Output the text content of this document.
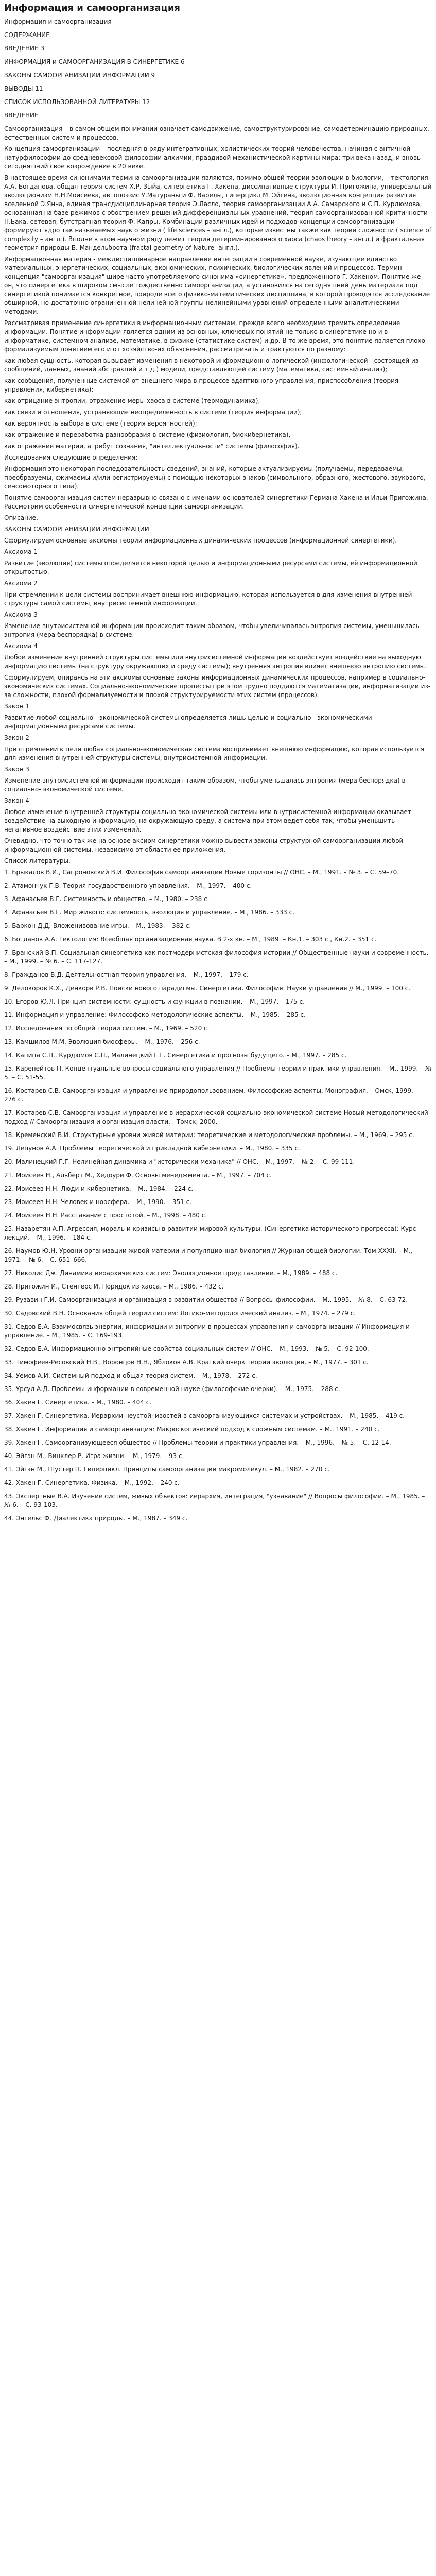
Информация и самоорганизация

Информация и самоорганизация

СОДЕРЖАНИЕ

ВВЕДЕНИЕ 3

ИНФОРМАЦИЯ и САМООРГАНИЗАЦИЯ В СИНЕРГЕТИКЕ 6

ЗАКОНЫ САМООРГАНИЗАЦИИ ИНФОРМАЦИИ 9

ВЫВОДЫ 11

СПИСОК ИСПОЛЬЗОВАННОЙ ЛИТЕРАТУРЫ 12

ВВЕДЕНИЕ

Самоорганизация – в самом общем понимании означает самодвижение, самоструктурирование, самодетерминацию природных, естественных систем и процессов.

Концепция самоорганизации – последняя в ряду интегративных, холистических теорий человечества, начиная с античной натурфилософии до средневековой философии алхимии, правдивой механистической картины мира: три века назад, и вновь сегодняшний свое возрождение в 20 веке.

В настоящее время синонимами термина самоорганизации являются, помимо общей теории эволюции в биологии, – тектология А.А. Богданова, общая теория систем Х.Р. Зыйа, синергетика Г. Хакена, диссипативные структуры И. Пригожина, универсальный эволюционизм Н.Н.Моисеева, автопоэзис У.Матураны и Ф. Варелы, гиперцикл М. Эйгена, эволюционная концепция развития вселенной Э.Янча, единая трансдисциплинарная теория Э.Ласло, теория самоорганизации А.А. Самарского и С.П. Курдюмова, основанная на базе режимов с обострением решений дифференциальных уравнений, теория самоорганизованной критичности П.Бака, сетевая, бутстрапная теория Ф. Капры. Комбинации различных идей и подходов концепции самоорганизации формируют ядро так называемых наук о жизни ( life sciences – англ.), которые известны также как теории сложности ( science of complexity – англ.). Вполне в этом научном ряду лежит теория детерминированного хаоса (chaos theory – англ.) и фрактальная геометрия природы Б. Мандельброта (fractal geometry of Nature- англ.).

Информационная материя - междисциплинарное направление интеграции в современной науке, изучающее единство материальных, энергетических, социальных, экономических, психических, биологических явлений и процессов. Термин концепция "самоорганизация" шире часто употребляемого синонима «синергетика», предложенного Г. Хакеном. Понятие же он, что синергетика в широком смысле тождественно самоорганизации, а установился на сегодняшний день материала под синергетикой понимается конкретное, природе всего физико-математических дисциплина, в которой проводятся исследование обширной, но достаточно ограниченной нелинейной группы нелинейными уравнений определенными аналитическими методами.

Рассматривая применение синергетики в информационным системам, прежде всего необходимо тремить определение информации. Понятие информации является одним из основных, ключевых понятий не только в синергетике но и в информатике, системном анализе, математике, в физике (статистике систем) и др. В то же время, это понятие является плохо формализуемым понятием его и от хозяйство-их объяснения, рассматривать и трактуются по разному:

как любая сущность, которая вызывает изменения в некоторой информационно-логической (инфологической - состоящей из сообщений, данных, знаний абстракций и т.д.) модели, представляющей систему (математика, системный анализ);

как сообщения, полученные системой от внешнего мира в процессе адаптивного управления, приспособления (теория управления, кибернетика);

как отрицание энтропии, отражение меры хаоса в системе (термодинамика);

как связи и отношения, устраняющие неопределенность в системе (теория информации);

как вероятность выбора в системе (теория вероятностей);

как отражение и переработка разнообразия в системе (физиология, биокибернетика),

как отражение материи, атрибут сознания, "интеллектуальности" системы (философия).

Исследования следующие определения:

Информация это некоторая последовательность сведений, знаний, которые актуализируемы (получаемы, передаваемы, преобразуемы, сжимаемы и/или регистрируемы) с помощью некоторых знаков (символьного, образного, жестового, звукового, сенсомоторного типа).

Понятие самоорганизация систем неразрывно связано с именами основателей синергетики Германа Хакена и Ильи Пригожина. Рассмотрим особенности синергетической концепции самоорганизации.

Описание.

ЗАКОНЫ САМООРГАНИЗАЦИИ ИНФОРМАЦИИ

Сформулируем основные аксиомы теории информационных динамических процессов (информационной синергетики).

Аксиома 1

Развитие (эволюция) системы определяется некоторой целью и информационными ресурсами системы, её информационной открытостью.

Аксиома 2

При стремлении к цели системы воспринимает внешнюю информацию, которая используется в для изменения внутренней структуры самой системы, внутрисистемной информации.

Аксиома 3

Изменение внутрисистемной информации происходит таким образом, чтобы увеличивалась энтропия системы, уменьшилась энтропия (мера беспорядка) в системе.

Аксиома 4

Любое изменение внутренней структуры системы или внутрисистемной информации воздействует воздействие на выходную информацию системы (на структуру окружающих и среду системы); внутренняя энтропия влияет внешнюю энтропию системы.

Сформулируем, опираясь на эти аксиомы основные законы информационных динамических процессов, например в социально-экономических системах. Социально-экономические процессы при этом трудно поддаются математизации, информатизации из-за сложности, плохой формализуемости и плохой структурируемости этих систем (процессов).

Закон 1

Развитие любой социально - экономической системы определяется лишь целью и социально - экономическими информационными ресурсами системы.

Закон 2

При стремлении к цели любая социально-экономическая система воспринимает внешнюю информацию, которая используется для изменения внутренней структуры системы, внутрисистемной информации.

Закон 3

Изменение внутрисистемной информации происходит таким образом, чтобы уменьшалась энтропия (мера беспорядка) в социально- экономической системе.

Закон 4

Любое изменение внутренней структуры социально-экономической системы или внутрисистемной информации оказывает воздействие на выходную информацию, на окружающую среду, а система при этом ведет себя так, чтобы уменьшить негативное воздействие этих изменений.

Очевидно, что точно так же на основе аксиом синергетики можно вывести законы структурной самоорганизации любой информационной системы, независимо от области ее приложения.

Список литературы.

1. Брыкалов В.И., Сапроновский В.И. Философия самоорганизации Новые горизонты // ОНС. – М., 1991. – № 3. – С. 59–70.

2. Атамончук Г.В. Теория государственного управления. – М., 1997. – 400 с.

3. Афанасьев В.Г. Системность и общество. – М., 1980. – 238 с.

4. Афанасьев В.Г. Мир живого: системность, эволюция и управление. – М., 1986. – 333 с.

5. Баркон Д.Д. Вложенивование игры. – М., 1983. – 382 с.

6. Богданов А.А. Тектология: Всеобщая организационная наука. В 2-х кн. – М., 1989. – Кн.1. – 303 с., Кн.2. – 351 с.

7. Бранский В.П. Социальная синергетика как постмодернистская философия истории // Общественные науки и современность. – М., 1999. – № 6. – С. 117-127.

8. Гражданов В.Д. Деятельностная теория управления. – М., 1997. – 179 с.

9. Делокоров К.Х., Денкорв Р.В. Поиски нового парадигмы. Синергетика. Философия. Науки управления // М., 1999. – 100 с.

10. Егоров Ю.Л. Принцип системности: сущность и функции в познании. – М., 1997. – 175 с.

11. Информация и управление: Философско-методологические аспекты. – М., 1985. – 285 с.

12. Исследования по общей теории систем. – М., 1969. – 520 с.

13. Камшилов М.М. Эволюция биосферы. – М., 1976. – 256 с.

14. Капица С.П., Курдюмов С.П., Малинецкий Г.Г. Синергетика и прогнозы будущего. – М., 1997. – 285 с.

15. Каренейтов П. Концептуальные вопросы социального управления // Проблемы теории и практики управления. – М., 1999. – № 5. – С. 51-55.

16. Костарев С.В. Самоорганизация и управление природопользованием. Философские аспекты. Монография. – Омск, 1999. – 276 с.

17. Костарев С.В. Самоорганизация и управление в иерархической социально-экономической системе Новый методологический подход // Самоорганизация и организация власти. - Томск, 2000.

18. Кременский В.И. Структурные уровни живой материи: теоретические и методологические проблемы. – М., 1969. – 295 с.

19. Лепунов А.А. Проблемы теоретической и прикладной кибернетики. – М., 1980. – 335 с.

20. Малинецкий Г.Г. Нелинейная динамика и "исторически механика" // ОНС. – М., 1997. – № 2. – С. 99-111.

21. Моисеев Н., Альберт М., Хедоури Ф. Основы менеджмента. – М., 1997. – 704 с.

22. Моисеев Н.Н. Люди и кибернетика. – М., 1984. – 224 с.

23. Моисеев Н.Н. Человек и ноосфера. – М., 1990. – 351 с.

24. Моисеев Н.Н. Расставание с простотой. – М., 1998. – 480 с.

25. Назаретян А.П. Агрессия, мораль и кризисы в развитии мировой культуры. (Синергетика исторического прогресса): Курс лекций. – М., 1996. – 184 с.

26. Наумов Ю.Н. Уровни организации живой материи и популяционная биология // Журнал общей биологии. Том XXXII. – М., 1971. – № 6. – С. 651–666.

27. Николис Дж. Динамика иерархических систем: Эволюционное представление. – М., 1989. – 488 с.

28. Пригожин И., Стенгерс И. Порядок из хаоса. – М., 1986. – 432 с.

29. Рузавин Г.И. Самоорганизация и организация в развитии общества // Вопросы философии. – М., 1995. – № 8. – С. 63-72.

30. Садовский В.Н. Основания общей теории систем: Логико-методологический анализ. – М., 1974. – 279 с.

31. Седов Е.А. Взаимосвязь энергии, информации и энтропии в процессах управления и самоорганизации // Информация и управление. – М., 1985. – С. 169-193.

32. Седов Е.А. Информационно-энтропийные свойства социальных систем // ОНС. – М., 1993. – № 5. – С. 92-100.

33. Тимофеев-Ресовский Н.В., Воронцов Н.Н., Яблоков А.В. Краткий очерк теории эволюции. – М., 1977. – 301 с.

34. Уемов А.И. Системный подход и общая теория систем. – М., 1978. – 272 с.

35. Урсул А.Д. Проблемы информации в современной науке (философские очерки). – М., 1975. – 288 с.

36. Хакен Г. Синергетика. – М., 1980. – 404 с.

37. Хакен Г. Синергетика. Иерархии неустойчивостей в самоорганизующихся системах и устройствах. – М., 1985. – 419 с.

38. Хакен Г. Информация и самоорганизация: Макроскопический подход к сложным системам. – М., 1991. – 240 с.

39. Хакен Г. Самоорганизующееся общество // Проблемы теории и практики управления. – М., 1996. – № 5. – С. 12-14.

40. Эйгэн М., Винклер Р. Игра жизни. – М., 1979. – 93 с.

41. Эйгэн М., Шустер П. Гиперцикл. Принципы самоорганизации макромолекул. – М., 1982. – 270 с.

42. Хакен Г. Синергетика. Физика. – М., 1992. – 240 с.

43. Экспертные В.А. Изучение систем, живых объектов: иерархия, интеграция, "узнавание" // Вопросы философии. – М., 1985. – № 6. – С. 93-103.

44. Энгельс Ф. Диалектика природы. – М., 1987. – 349 с.
